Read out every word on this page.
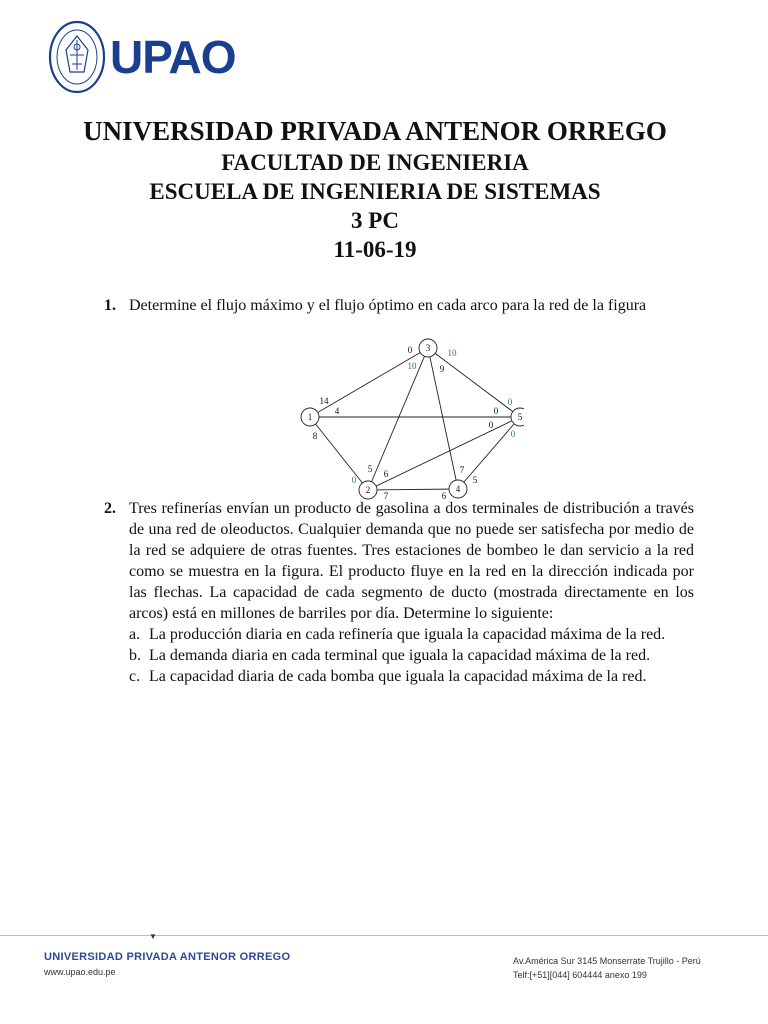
UPAO
UNIVERSIDAD PRIVADA ANTENOR ORREGO
FACULTAD DE INGENIERIA
ESCUELA DE INGENIERIA DE SISTEMAS
3 PC
11-06-19
1. Determine el flujo máximo y el flujo óptimo en cada arco para la red de la figura
1
2
3
4
5
0
10
10
9
14
4
0
0
0
8	0
5 6
0
7
5
7	6
2. Tres refinerías envían un producto de gasolina a dos terminales de distribución a través de una red de oleoductos. Cualquier demanda que no puede ser satisfecha por medio de la red se adquiere de otras fuentes. Tres estaciones de bombeo le dan servicio a la red como se muestra en la figura. El producto fluye en la red en la dirección indicada por las flechas. La capacidad de cada segmento de ducto (mostrada directamente en los arcos) está en millones de barriles por día. Determine lo siguiente:
a. La producción diaria en cada refinería que iguala la capacidad máxima de la red.
b. La demanda diaria en cada terminal que iguala la capacidad máxima de la red.
c. La capacidad diaria de cada bomba que iguala la capacidad máxima de la red.
▼
UNIVERSIDAD PRIVADA ANTENOR ORREGO
www.upao.edu.pe
Av.América Sur 3145 Monserrate Trujillo - Perú
Telf:[+51][044] 604444 anexo 199
